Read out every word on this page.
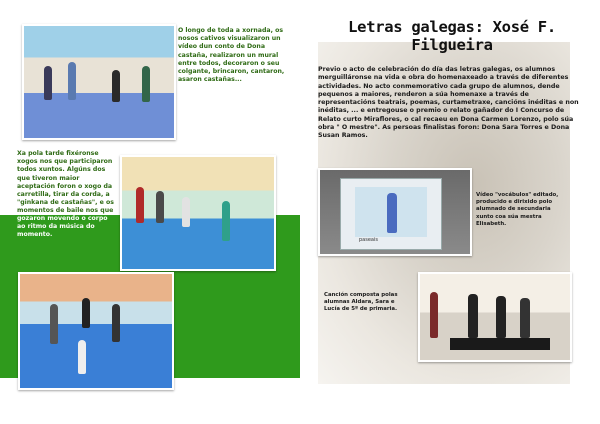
O longo de toda a xornada, os nosos cativos visualizaron un vídeo dun conto de Dona castaña, realizaron un mural entre todos, decoraron o seu colgante, brincaron, cantaron, asaron castañas...
Xa pola tarde fixéronse xogos nos que participaron todos xuntos. Algúns dos que tiveron maior aceptación foron o xogo da carretilla, tirar da corda, a "ginkana de castañas", e os momentos de baile nos que
gozaron movendo o corpo ao ritmo da música do momento.
Letras galegas: Xosé F. Filgueira
Previo o acto de celebración do día das letras galegas, os alumnos merguilláronse na vida e obra do homenaxeado a través de diferentes actividades. No acto conmemorativo cada grupo de alumnos, dende pequenos a maiores, renderon a súa homenaxe a través de representacións teatrais, poemas, curtametraxe, cancións inéditas e non inéditas, ... e entregouse o premio o relato gañador do I Concurso de Relato curto Miraflores, o cal recaeu en Dona Carmen Lorenzo, polo súa obra " O mestre". As persoas finalistas foron: Dona Sara Torres e Dona Susan Ramos.
paseais
Vídeo "vocábulos" editado, producido e dirixido polo alumnado de secundaria xunto coa súa mestra Elisabeth.
Canción composta polas alumnas Aldara, Sara e Lucía de 5º de primaria.
